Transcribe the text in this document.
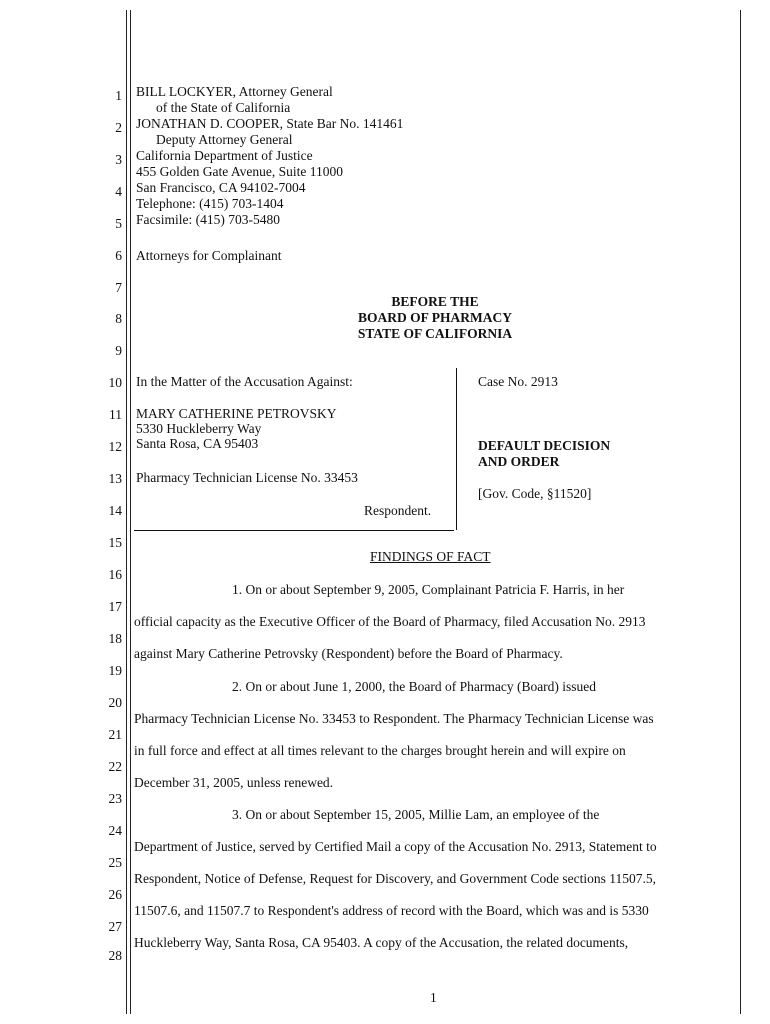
1
2
3
4
5
6
7
8
9
10
11
12
13
14
15
16
17
18
19
20
21
22
23
24
25
26
27
28
BILL LOCKYER, Attorney General
of the State of California
JONATHAN D. COOPER, State Bar No. 141461
Deputy Attorney General
California Department of Justice
455 Golden Gate Avenue, Suite 11000
San Francisco, CA 94102-7004
Telephone: (415) 703-1404
Facsimile: (415) 703-5480
Attorneys for Complainant
BEFORE THE
BOARD OF PHARMACY
STATE OF CALIFORNIA
In the Matter of the Accusation Against:
MARY CATHERINE PETROVSKY
5330 Huckleberry Way
Santa Rosa, CA 95403
Pharmacy Technician License No. 33453
Respondent.
Case No. 2913
DEFAULT DECISION
AND ORDER
[Gov. Code, §11520]
FINDINGS OF FACT
1. On or about September 9, 2005, Complainant Patricia F. Harris, in her
official capacity as the Executive Officer of the Board of Pharmacy, filed Accusation No. 2913
against Mary Catherine Petrovsky (Respondent) before the Board of Pharmacy.
2. On or about June 1, 2000, the Board of Pharmacy (Board) issued
Pharmacy Technician License No. 33453 to Respondent. The Pharmacy Technician License was
in full force and effect at all times relevant to the charges brought herein and will expire on
December 31, 2005, unless renewed.
3. On or about September 15, 2005, Millie Lam, an employee of the
Department of Justice, served by Certified Mail a copy of the Accusation No. 2913, Statement to
Respondent, Notice of Defense, Request for Discovery, and Government Code sections 11507.5,
11507.6, and 11507.7 to Respondent's address of record with the Board, which was and is 5330
Huckleberry Way, Santa Rosa, CA 95403. A copy of the Accusation, the related documents,
1
